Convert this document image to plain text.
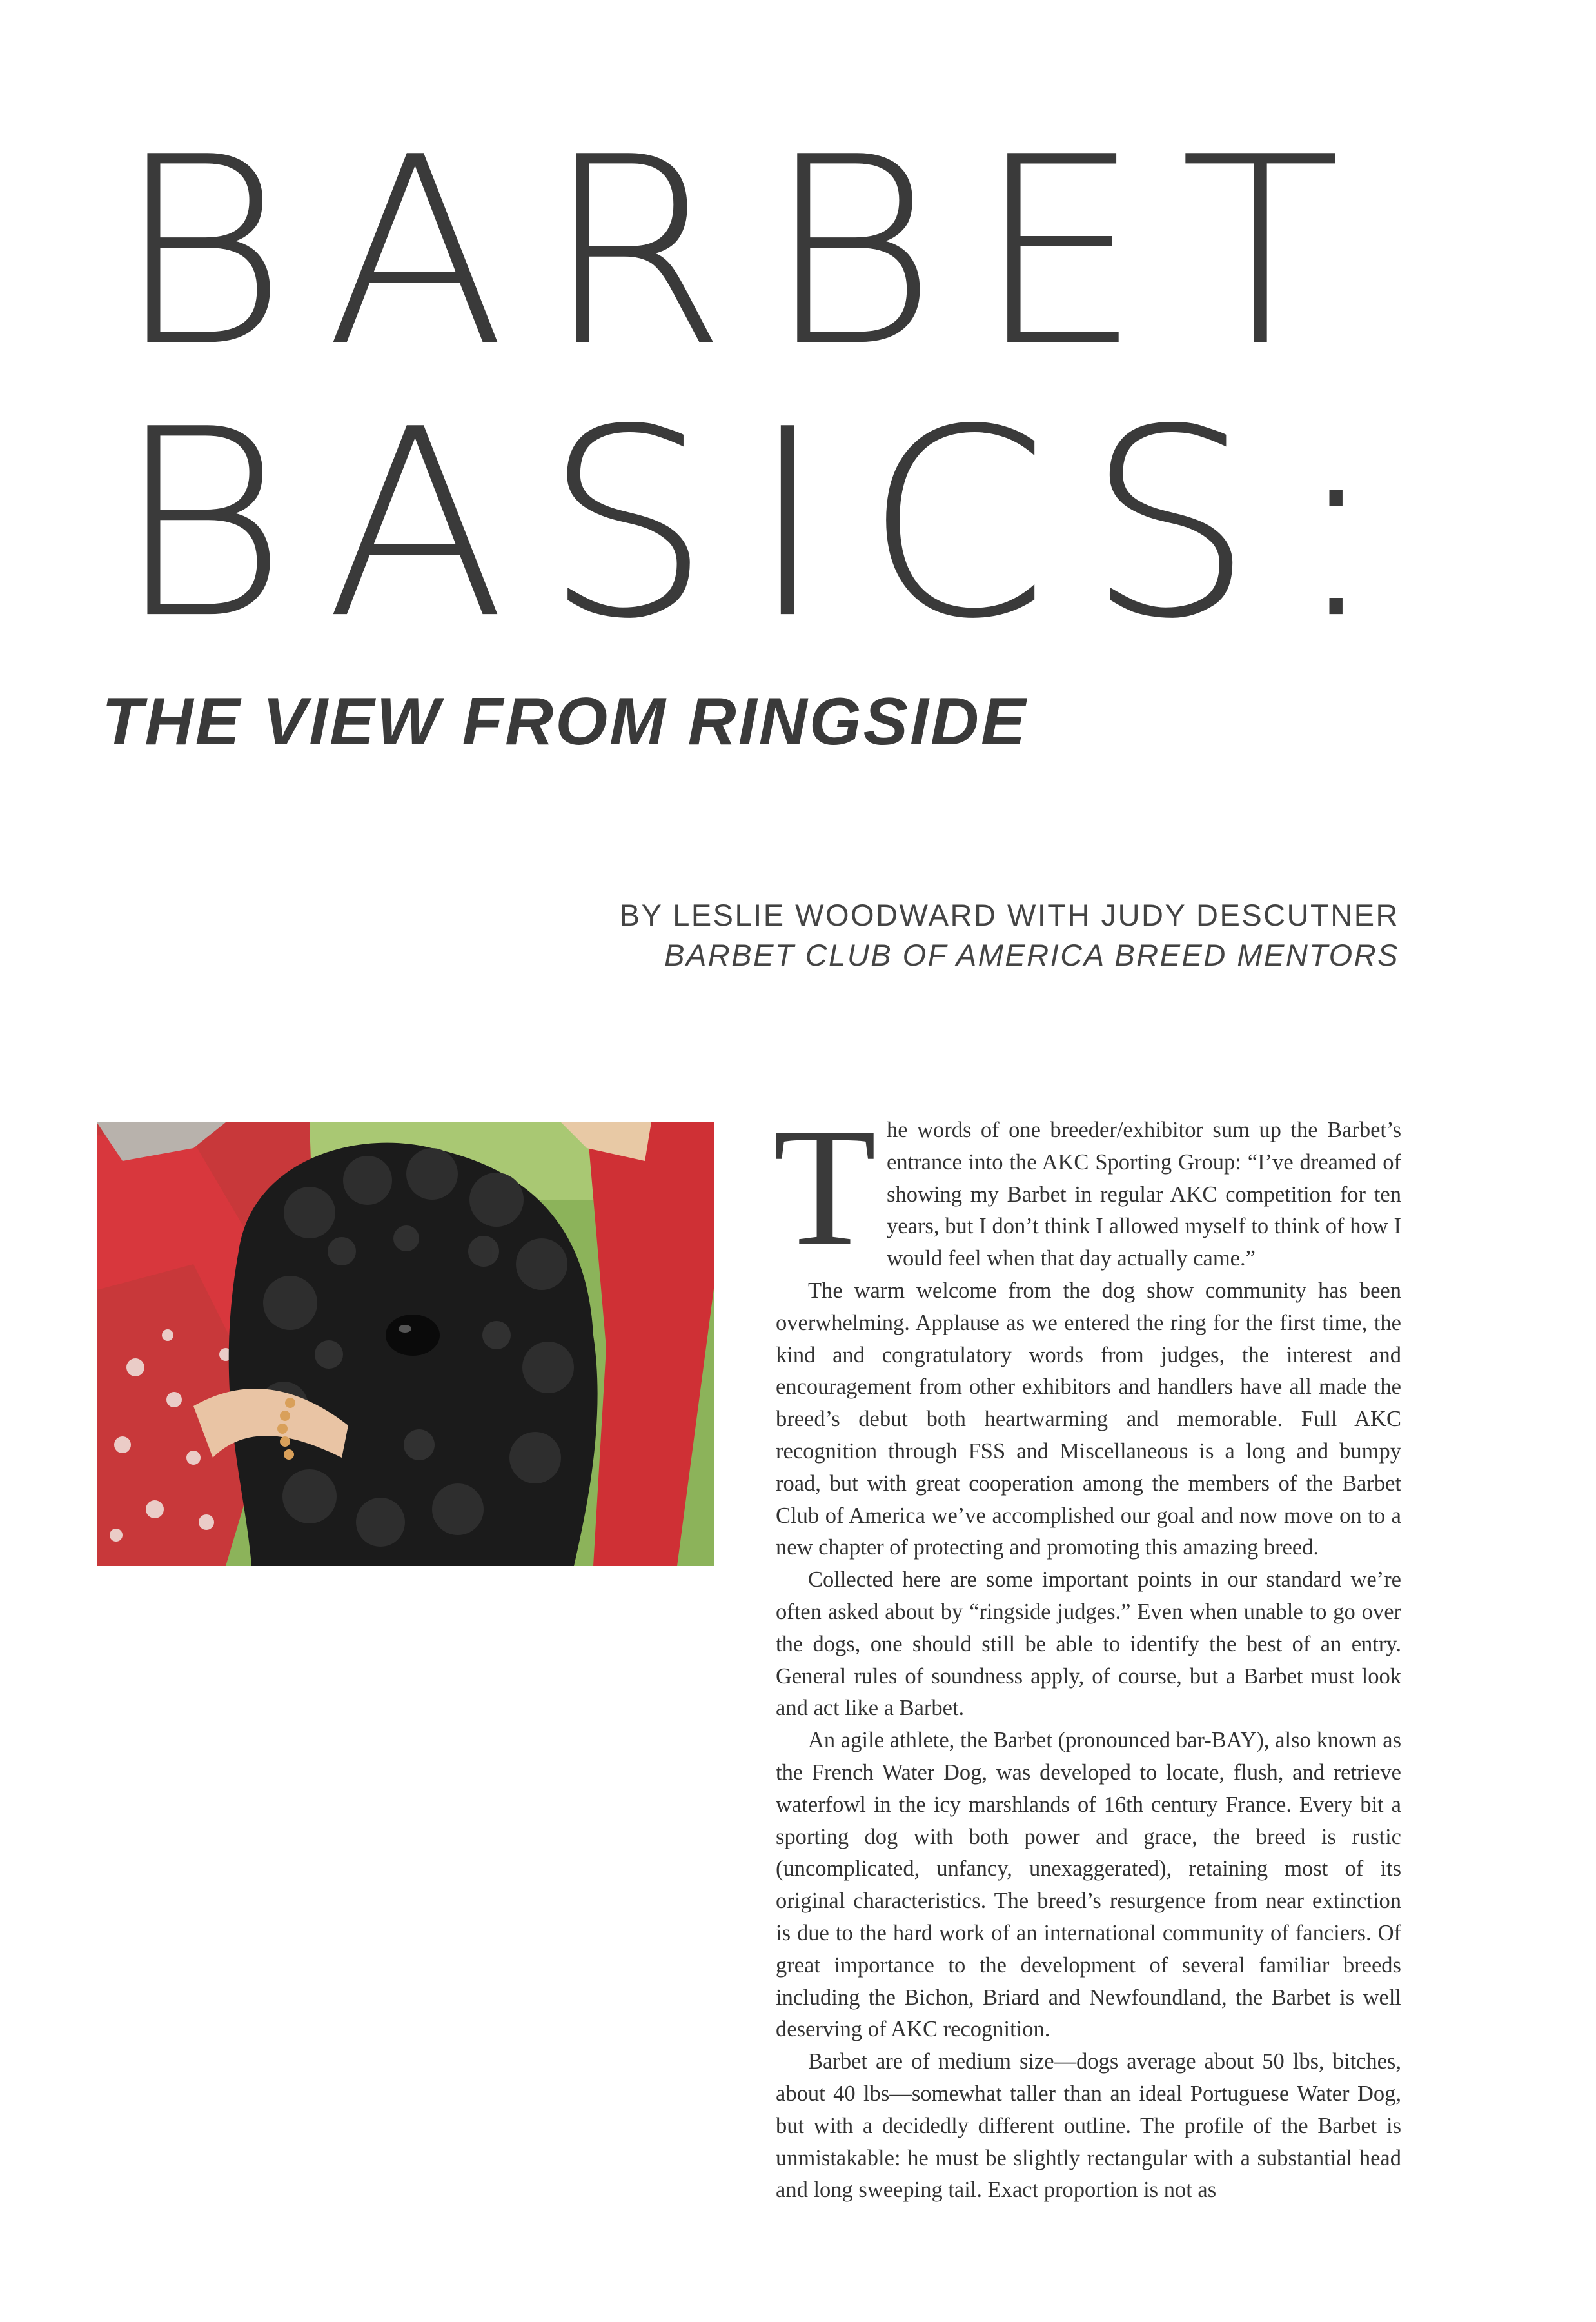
BARBET
BASICS:
THE VIEW FROM RINGSIDE
BY LESLIE WOODWARD WITH JUDY DESCUTNER
BARBET CLUB OF AMERICA BREED MENTORS

The words of one breeder/exhibitor sum up the Barbet’s entrance into the AKC Sporting Group: “I’ve dreamed of showing my Barbet in regular AKC competition for ten years, but I don’t think I allowed myself to think of how I would feel when that day actually came.”

The warm welcome from the dog show community has been overwhelming. Applause as we entered the ring for the first time, the kind and congratulatory words from judges, the interest and encouragement from other exhibitors and handlers have all made the breed’s debut both heartwarming and memorable. Full AKC recognition through FSS and Miscellaneous is a long and bumpy road, but with great cooperation among the members of the Barbet Club of America we’ve accomplished our goal and now move on to a new chapter of protecting and promoting this amazing breed.

Collected here are some important points in our standard we’re often asked about by “ringside judges.” Even when unable to go over the dogs, one should still be able to identify the best of an entry. General rules of soundness apply, of course, but a Barbet must look and act like a Barbet.

An agile athlete, the Barbet (pronounced bar-BAY), also known as the French Water Dog, was developed to locate, flush, and retrieve waterfowl in the icy marshlands of 16th century France. Every bit a sporting dog with both power and grace, the breed is rustic (uncomplicated, unfancy, unexaggerated), retaining most of its original characteristics. The breed’s resurgence from near extinction is due to the hard work of an international community of fanciers. Of great importance to the development of several familiar breeds including the Bichon, Briard and Newfoundland, the Barbet is well deserving of AKC recognition.

Barbet are of medium size—dogs average about 50 lbs, bitches, about 40 lbs—somewhat taller than an ideal Portuguese Water Dog, but with a decidedly different outline. The profile of the Barbet is unmistakable: he must be slightly rectangular with a substantial head and long sweeping tail. Exact proportion is not as
